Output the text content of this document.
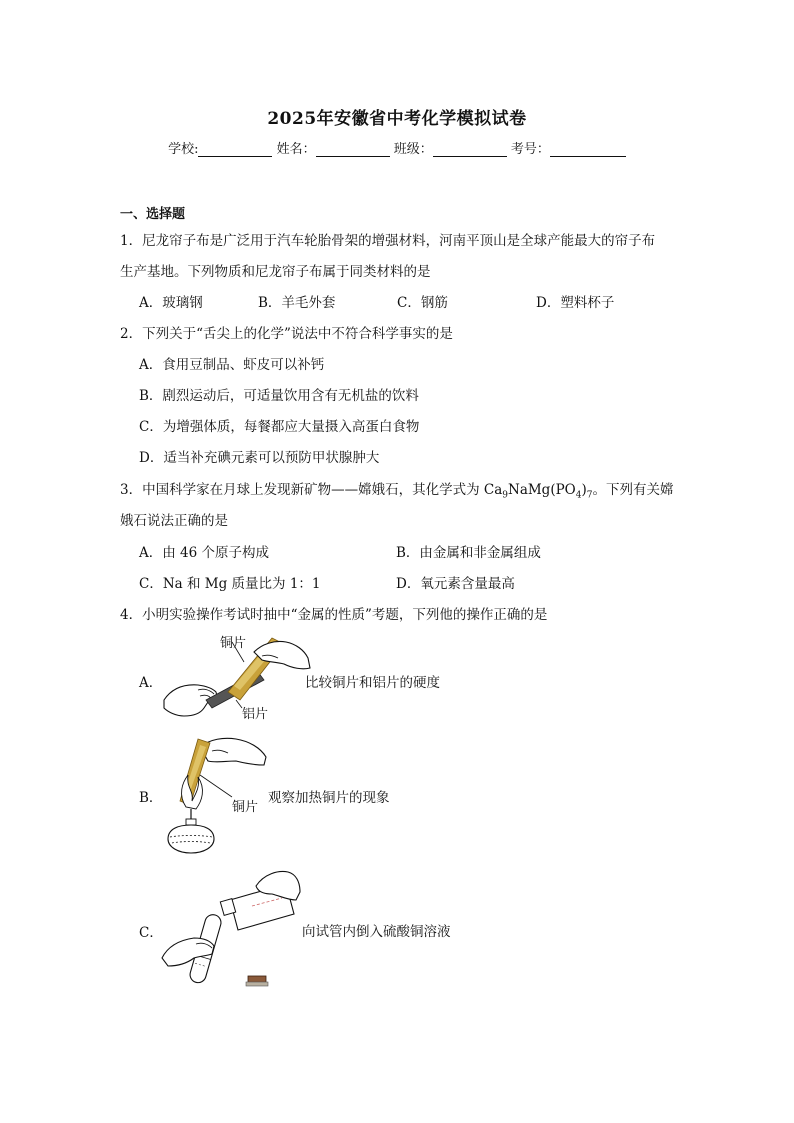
2025年安徽省中考化学模拟试卷
学校:	姓名：	班级：	考号：
一、选择题
1．尼龙帘子布是广泛用于汽车轮胎骨架的增强材料，河南平顶山是全球产能最大的帘子布
生产基地。下列物质和尼龙帘子布属于同类材料的是
A．玻璃钢	B．羊毛外套	C．钢筋	D．塑料杯子
2．下列关于“舌尖上的化学”说法中不符合科学事实的是
A．食用豆制品、虾皮可以补钙
B．剧烈运动后，可适量饮用含有无机盐的饮料
C．为增强体质，每餐都应大量摄入高蛋白食物
D．适当补充碘元素可以预防甲状腺肿大
3．中国科学家在月球上发现新矿物——嫦娥石，其化学式为 $Ca_9NaMg(PO_4)_7$。下列有关嫦
娥石说法正确的是
A．由 46 个原子构成	B．由金属和非金属组成
C．Na 和 Mg 质量比为 1：1	D．氧元素含量最高
4．小明实验操作考试时抽中“金属的性质”考题，下列他的操作正确的是
A．
铜片
铝片
比较铜片和铝片的硬度
B．
铜片
观察加热铜片的现象
C．	向试管内倒入硫酸铜溶液
